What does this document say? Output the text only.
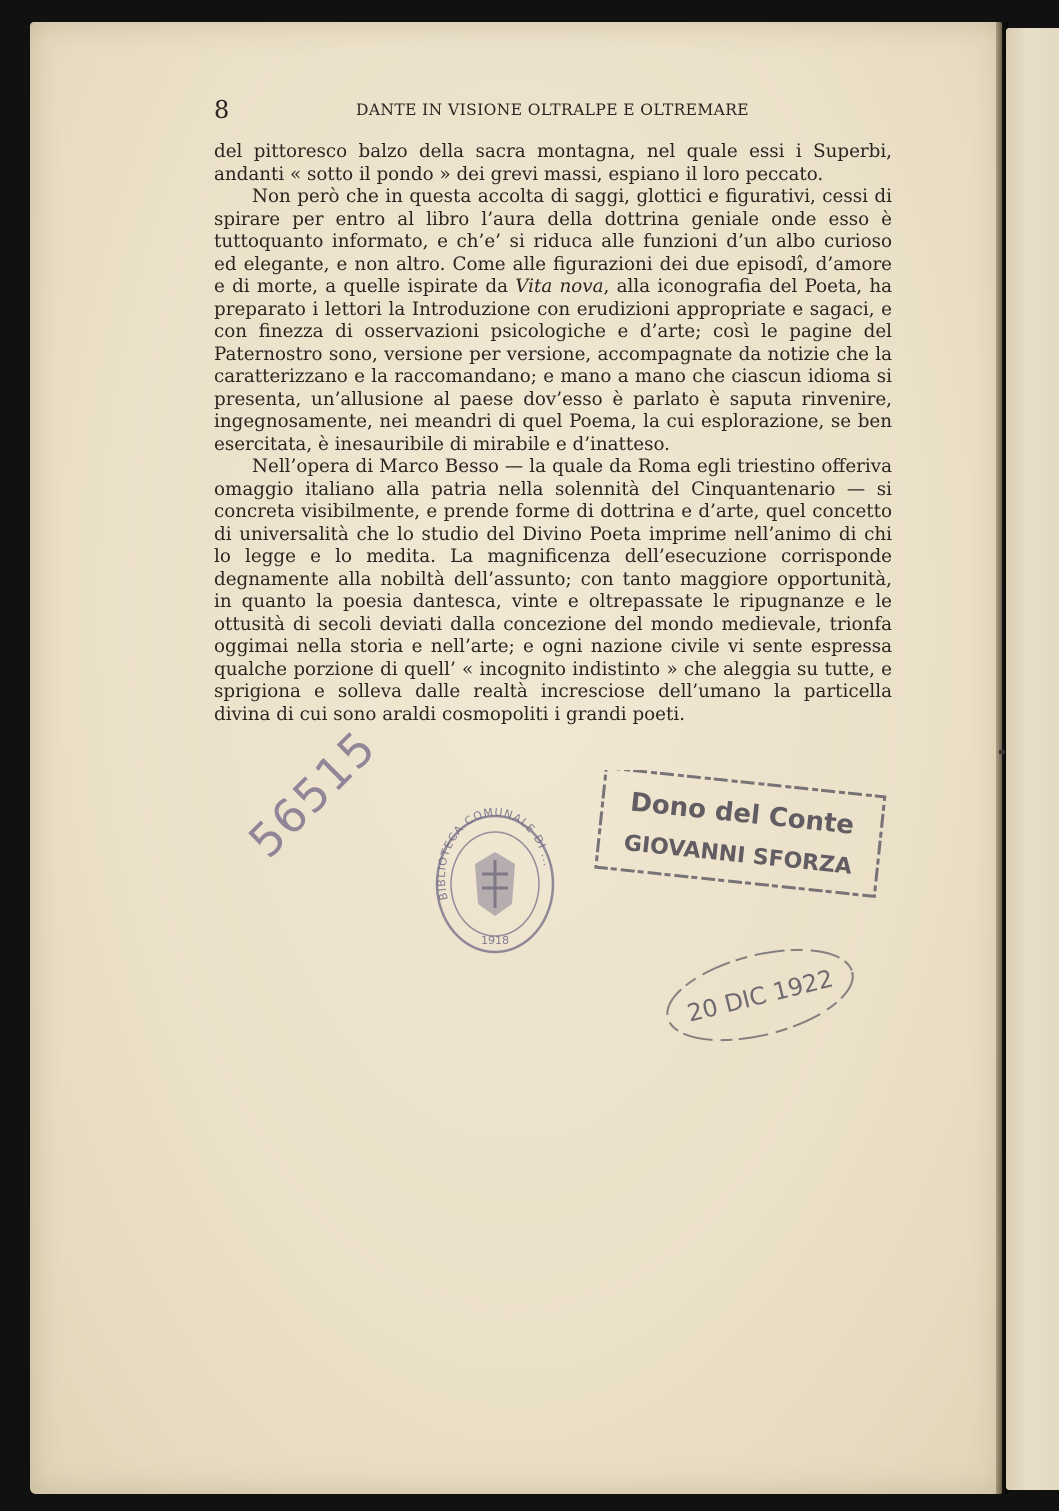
8	DANTE IN VISIONE OLTRALPE E OLTREMARE

del pittoresco balzo della sacra montagna, nel quale essi i Superbi, andanti « sotto il pondo » dei grevi massi, espiano il loro peccato.

Non però che in questa accolta di saggi, glottici e figurativi, cessi di spirare per entro al libro l’aura della dottrina geniale onde esso è tuttoquanto informato, e ch’e’ si riduca alle funzioni d’un albo curioso ed elegante, e non altro. Come alle figurazioni dei due episodî, d’amore e di morte, a quelle ispirate da Vita nova, alla iconografia del Poeta, ha preparato i lettori la Introduzione con erudizioni appropriate e sagaci, e con finezza di osservazioni psicologiche e d’arte; così le pagine del Paternostro sono, versione per versione, accompagnate da notizie che la caratterizzano e la raccomandano; e mano a mano che ciascun idioma si presenta, un’allusione al paese dov’esso è parlato è saputa rinvenire, ingegnosamente, nei meandri di quel Poema, la cui esplorazione, se ben esercitata, è inesauribile di mirabile e d’inatteso.

Nell’opera di Marco Besso — la quale da Roma egli triestino offeriva omaggio italiano alla patria nella solennità del Cinquantenario — si concreta visibilmente, e prende forme di dottrina e d’arte, quel concetto di universalità che lo studio del Divino Poeta imprime nell’animo di chi lo legge e lo medita. La magnificenza dell’esecuzione corrisponde degnamente alla nobiltà dell’assunto; con tanto maggiore opportunità, in quanto la poesia dantesca, vinte e oltrepassate le ripugnanze e le ottusità di secoli deviati dalla concezione del mondo medievale, trionfa oggimai nella storia e nell’arte; e ogni nazione civile vi sente espressa qualche porzione di quell’ « incognito indistinto » che aleggia su tutte, e sprigiona e solleva dalle realtà incresciose dell’umano la particella divina di cui sono araldi cosmopoliti i grandi poeti.

56515
BIBLIOTECA COMUNALE DI ...
1918
Dono del Conte
GIOVANNI SFORZA
20 DIC 1922
